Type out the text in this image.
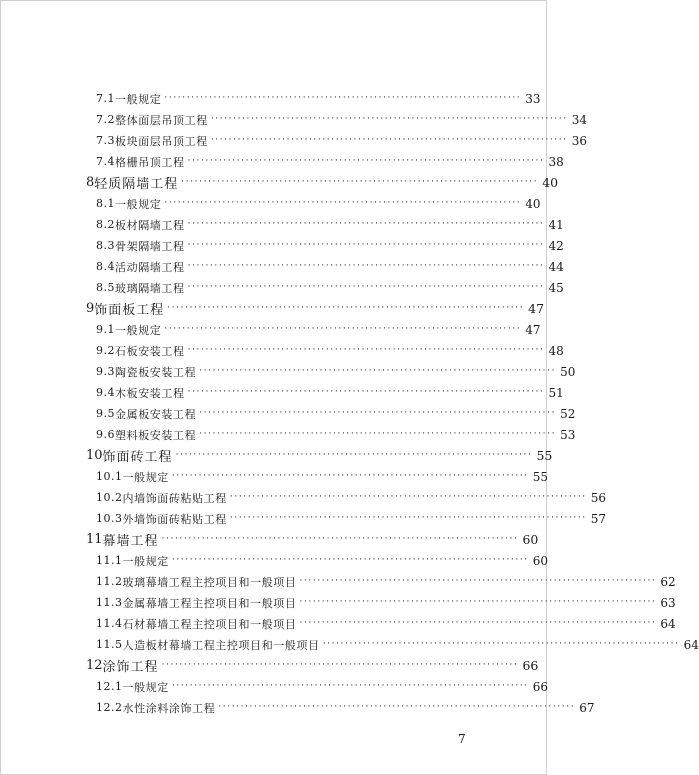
7.1 一般规定 ················································································ 33
7.2 整体面层吊顶工程 ················································································ 34
7.3 板块面层吊顶工程 ················································································ 36
7.4 格栅吊顶工程 ················································································ 38
8 轻质隔墙工程 ················································································ 40
8.1 一般规定 ················································································ 40
8.2 板材隔墙工程 ················································································ 41
8.3 骨架隔墙工程 ················································································ 42
8.4 活动隔墙工程 ················································································ 44
8.5 玻璃隔墙工程 ················································································ 45
9 饰面板工程 ················································································ 47
9.1 一般规定 ················································································ 47
9.2 石板安装工程 ················································································ 48
9.3 陶瓷板安装工程 ················································································ 50
9.4 木板安装工程 ················································································ 51
9.5 金属板安装工程 ················································································ 52
9.6 塑料板安装工程 ················································································ 53
10 饰面砖工程 ················································································ 55
10.1 一般规定 ················································································ 55
10.2 内墙饰面砖粘贴工程 ················································································ 56
10.3 外墙饰面砖粘贴工程 ················································································ 57
11 幕墙工程 ················································································ 60
11.1 一般规定 ················································································ 60
11.2 玻璃幕墙工程主控项目和一般项目 ················································································ 62
11.3 金属幕墙工程主控项目和一般项目 ················································································ 63
11.4 石材幕墙工程主控项目和一般项目 ················································································ 64
11.5 人造板材幕墙工程主控项目和一般项目 ················································································ 64
12 涂饰工程 ················································································ 66
12.1 一般规定 ················································································ 66
12.2 水性涂料涂饰工程 ················································································ 67
7
